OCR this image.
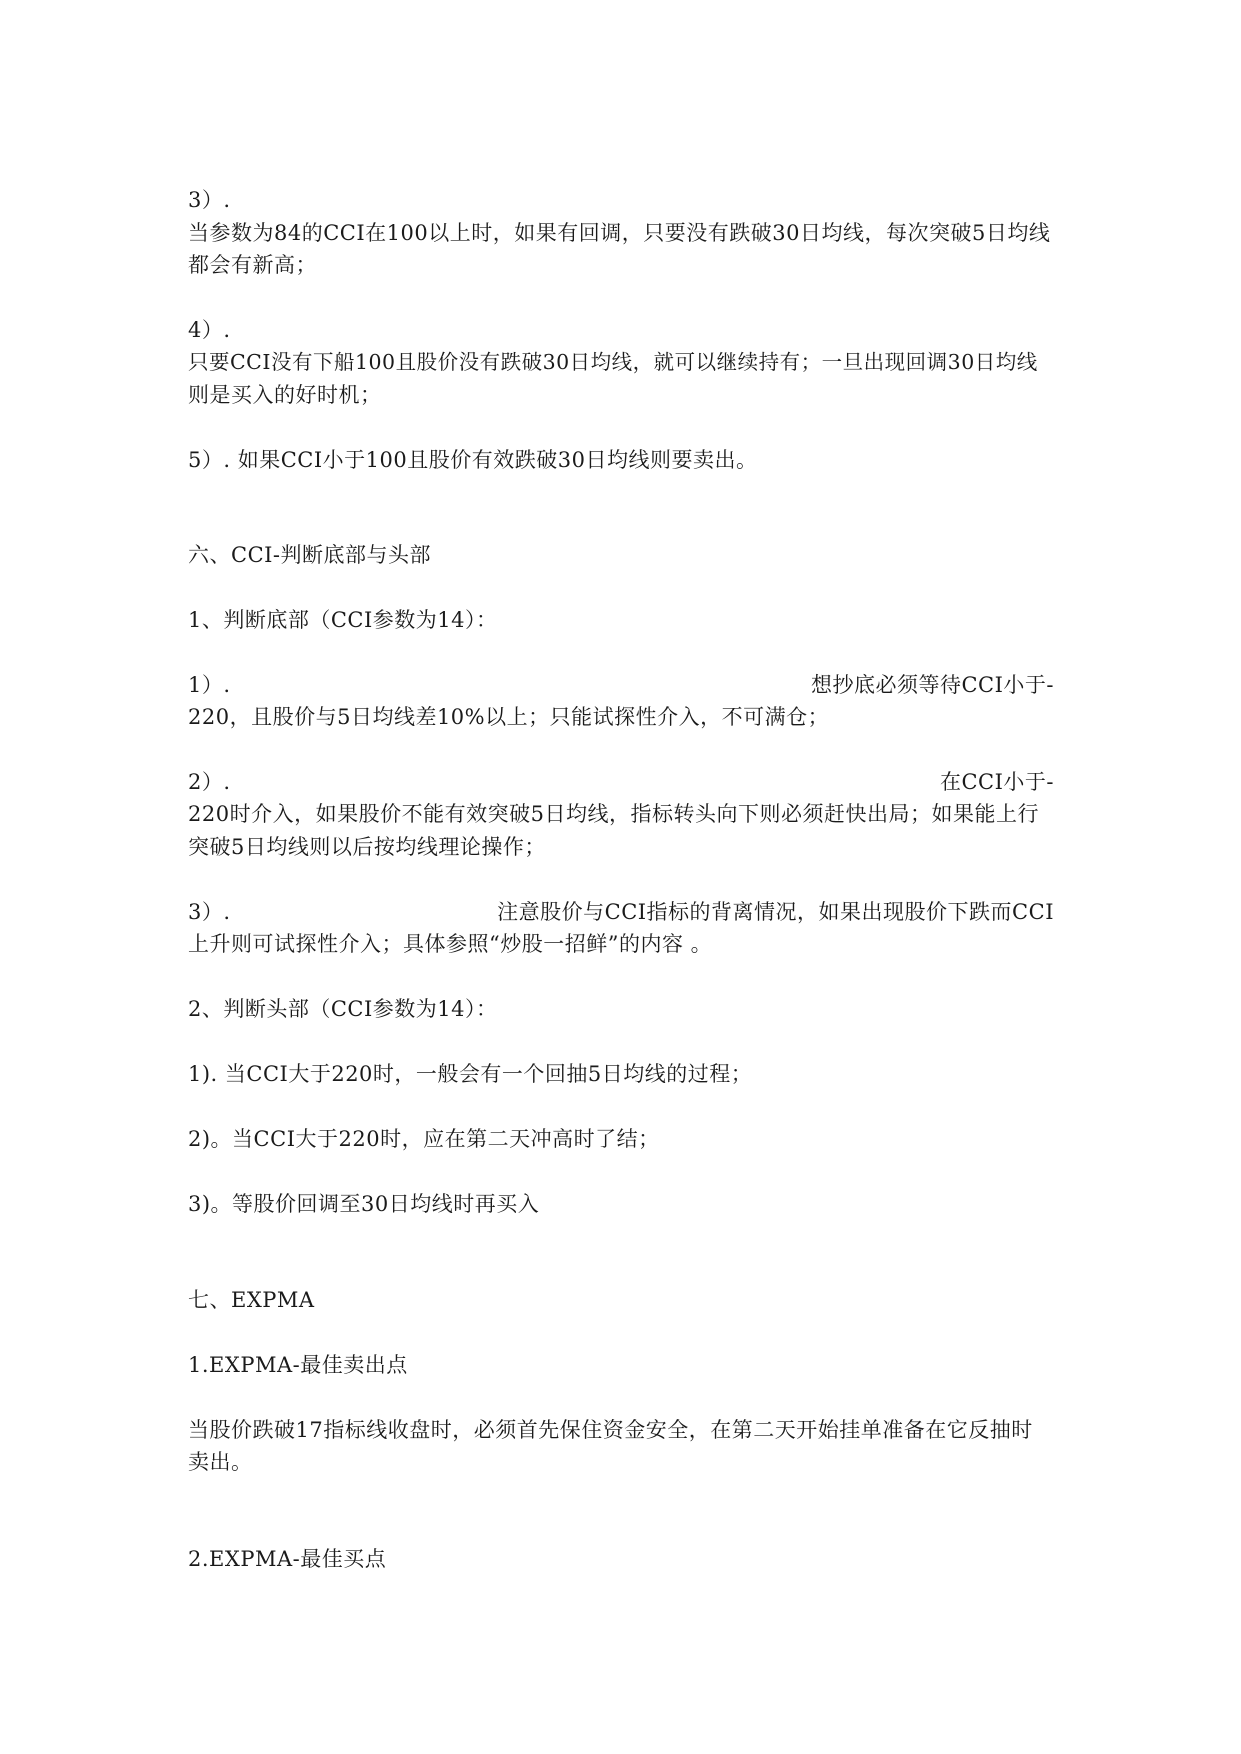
3）.
当参数为84的CCI在100以上时，如果有回调，只要没有跌破30日均线，每次突破5日均线
都会有新高；
4）.
只要CCI没有下船100且股价没有跌破30日均线，就可以继续持有；一旦出现回调30日均线
则是买入的好时机；
5）. 如果CCI小于100且股价有效跌破30日均线则要卖出。
六、CCI-判断底部与头部
1、判断底部（CCI参数为14）：
1）.	想抄底必须等待CCI小于-
220，且股价与5日均线差10%以上；只能试探性介入，不可满仓；
2）.	在CCI小于-
220时介入，如果股价不能有效突破5日均线，指标转头向下则必须赶快出局；如果能上行
突破5日均线则以后按均线理论操作；
3）.	注意股价与CCI指标的背离情况，如果出现股价下跌而CCI
上升则可试探性介入；具体参照“炒股一招鲜”的内容 。
2、判断头部（CCI参数为14）：
1). 当CCI大于220时，一般会有一个回抽5日均线的过程；
2)。当CCI大于220时，应在第二天冲高时了结；
3)。等股价回调至30日均线时再买入
七、EXPMA
1.EXPMA-最佳卖出点
当股价跌破17指标线收盘时，必须首先保住资金安全，在第二天开始挂单准备在它反抽时
卖出。
2.EXPMA-最佳买点
